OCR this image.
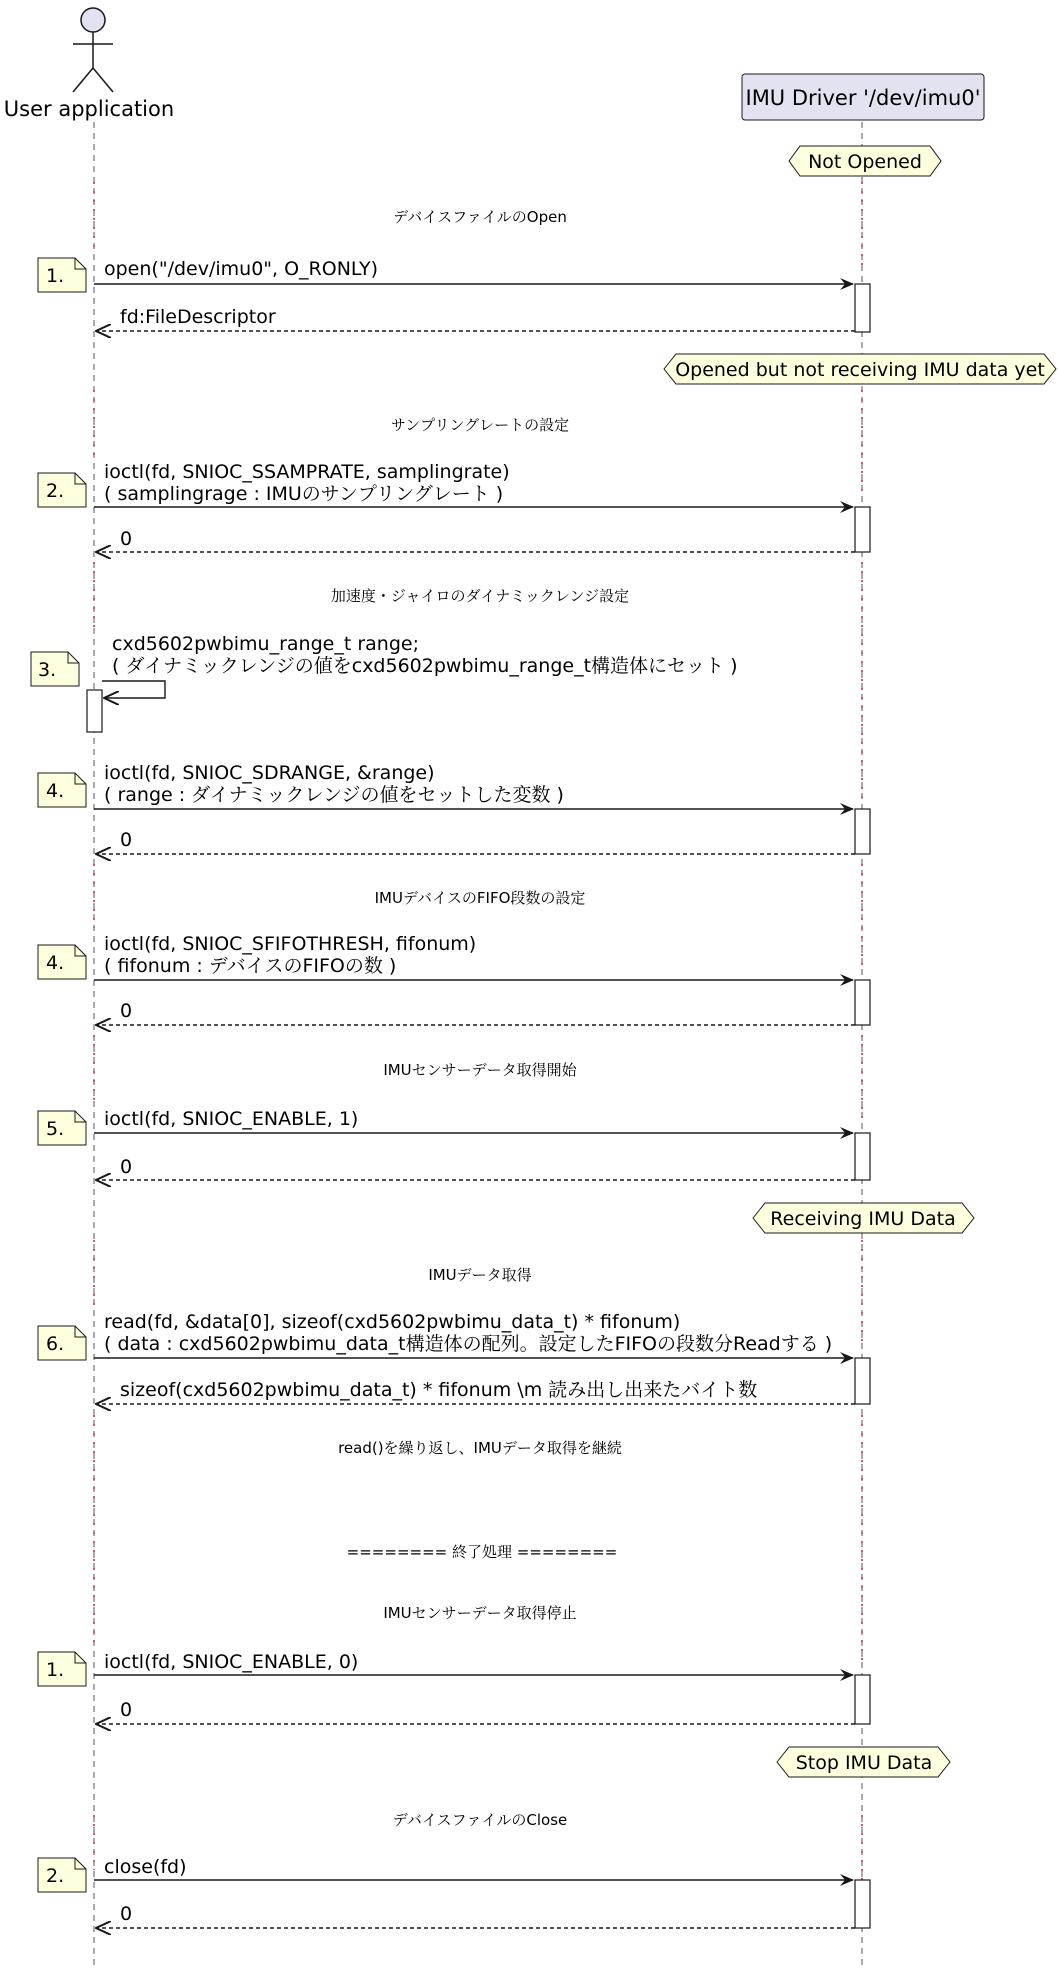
User application	IMU Driver '/dev/imu0'
Not Opened
Opened but not receiving IMU data yet
Receiving IMU Data
Stop IMU Data
デバイスファイルのOpen
サンプリングレートの設定
加速度・ジャイロのダイナミックレンジ設定
IMUデバイスのFIFO段数の設定
IMUセンサーデータ取得開始
IMUデータ取得
read()を繰り返し、IMUデータ取得を継続
======== 終了処理 ========
IMUセンサーデータ取得停止
デバイスファイルのClose
1.
2.
3.
4.
4.
5.
6.
1.
2.
open("/dev/imu0", O_RONLY)
fd:FileDescriptor
ioctl(fd, SNIOC_SSAMPRATE, samplingrate)
( samplingrage : IMUのサンプリングレート )
0
cxd5602pwbimu_range_t range;
( ダイナミックレンジの値をcxd5602pwbimu_range_t構造体にセット )
ioctl(fd, SNIOC_SDRANGE, &range)
( range : ダイナミックレンジの値をセットした変数 )
0
ioctl(fd, SNIOC_SFIFOTHRESH, fifonum)
( fifonum : デバイスのFIFOの数 )
0
ioctl(fd, SNIOC_ENABLE, 1)
0
read(fd, &data[0], sizeof(cxd5602pwbimu_data_t) * fifonum)
( data : cxd5602pwbimu_data_t構造体の配列。設定したFIFOの段数分Readする )
sizeof(cxd5602pwbimu_data_t) * fifonum \m 読み出し出来たバイト数
ioctl(fd, SNIOC_ENABLE, 0)
0
close(fd)
0
